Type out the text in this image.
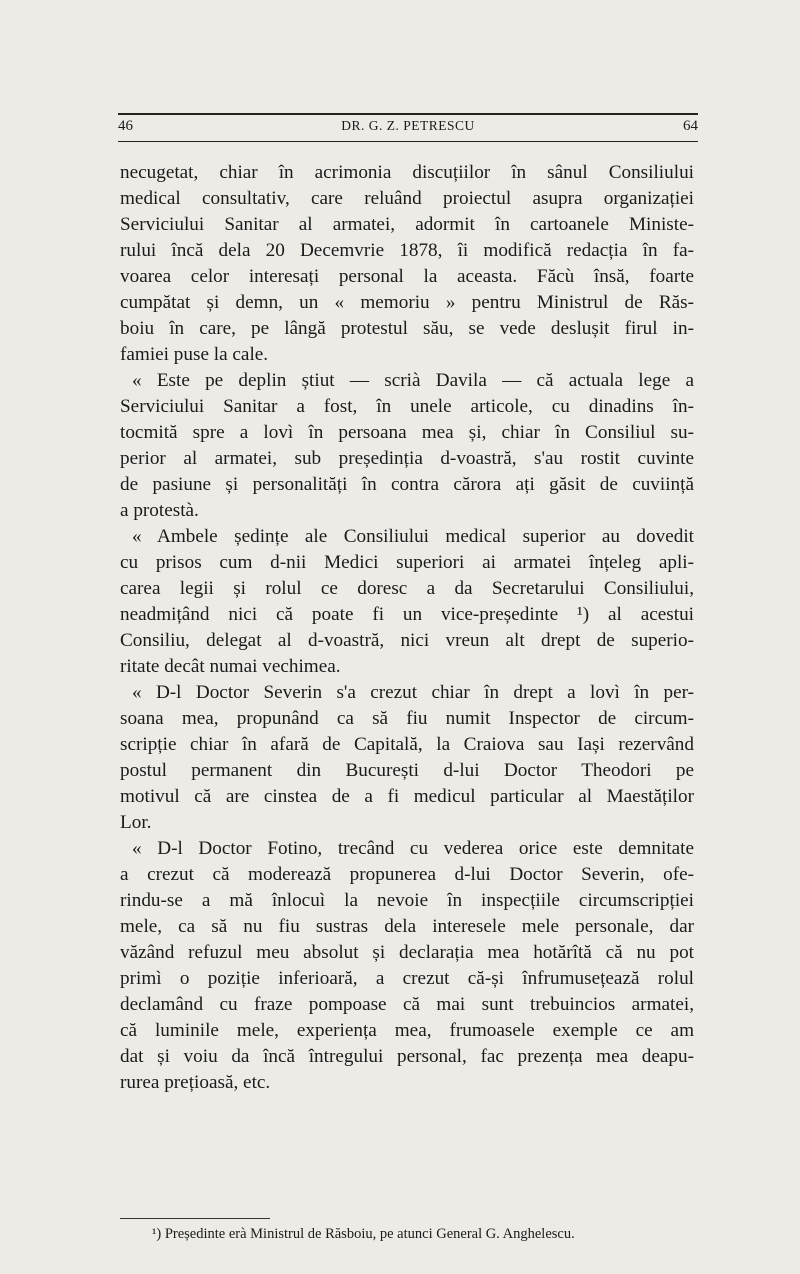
46	DR. G. Z. PETRESCU	64
necugetat, chiar în acrimonia discuțiilor în sânul Consiliului
medical consultativ, care reluând proiectul asupra organizației
Serviciului Sanitar al armatei, adormit în cartoanele Ministe-
rului încă dela 20 Decemvrie 1878, îi modifică redacția în fa-
voarea celor interesați personal la aceasta. Făcù însă, foarte
cumpătat și demn, un « memoriu » pentru Ministrul de Răs-
boiu în care, pe lângă protestul său, se vede deslușit firul in-
famiei puse la cale.
« Este pe deplin știut — scrià Davila — că actuala lege a
Serviciului Sanitar a fost, în unele articole, cu dinadins în-
tocmită spre a lovì în persoana mea și, chiar în Consiliul su-
perior al armatei, sub președinția d-voastră, s'au rostit cuvinte
de pasiune și personalități în contra cărora ați găsit de cuviință
a protestà.
« Ambele ședințe ale Consiliului medical superior au dovedit
cu prisos cum d-nii Medici superiori ai armatei înțeleg apli-
carea legii și rolul ce doresc a da Secretarului Consiliului,
neadmițând nici că poate fi un vice-președinte ¹) al acestui
Consiliu, delegat al d-voastră, nici vreun alt drept de superio-
ritate decât numai vechimea.
« D-l Doctor Severin s'a crezut chiar în drept a lovì în per-
soana mea, propunând ca să fiu numit Inspector de circum-
scripție chiar în afară de Capitală, la Craiova sau Iași rezervând
postul permanent din București d-lui Doctor Theodori pe
motivul că are cinstea de a fi medicul particular al Maestăților
Lor.
« D-l Doctor Fotino, trecând cu vederea orice este demnitate
a crezut că moderează propunerea d-lui Doctor Severin, ofe-
rindu-se a mă înlocuì la nevoie în inspecțiile circumscripției
mele, ca să nu fiu sustras dela interesele mele personale, dar
văzând refuzul meu absolut și declarația mea hotărîtă că nu pot
primì o poziție inferioară, a crezut că-și înfrumusețează rolul
declamând cu fraze pompoase că mai sunt trebuincios armatei,
că luminile mele, experiența mea, frumoasele exemple ce am
dat și voiu da încă întregului personal, fac prezența mea deapu-
rurea prețioasă, etc.
¹) Președinte erà Ministrul de Răsboiu, pe atunci General G. Anghelescu.
